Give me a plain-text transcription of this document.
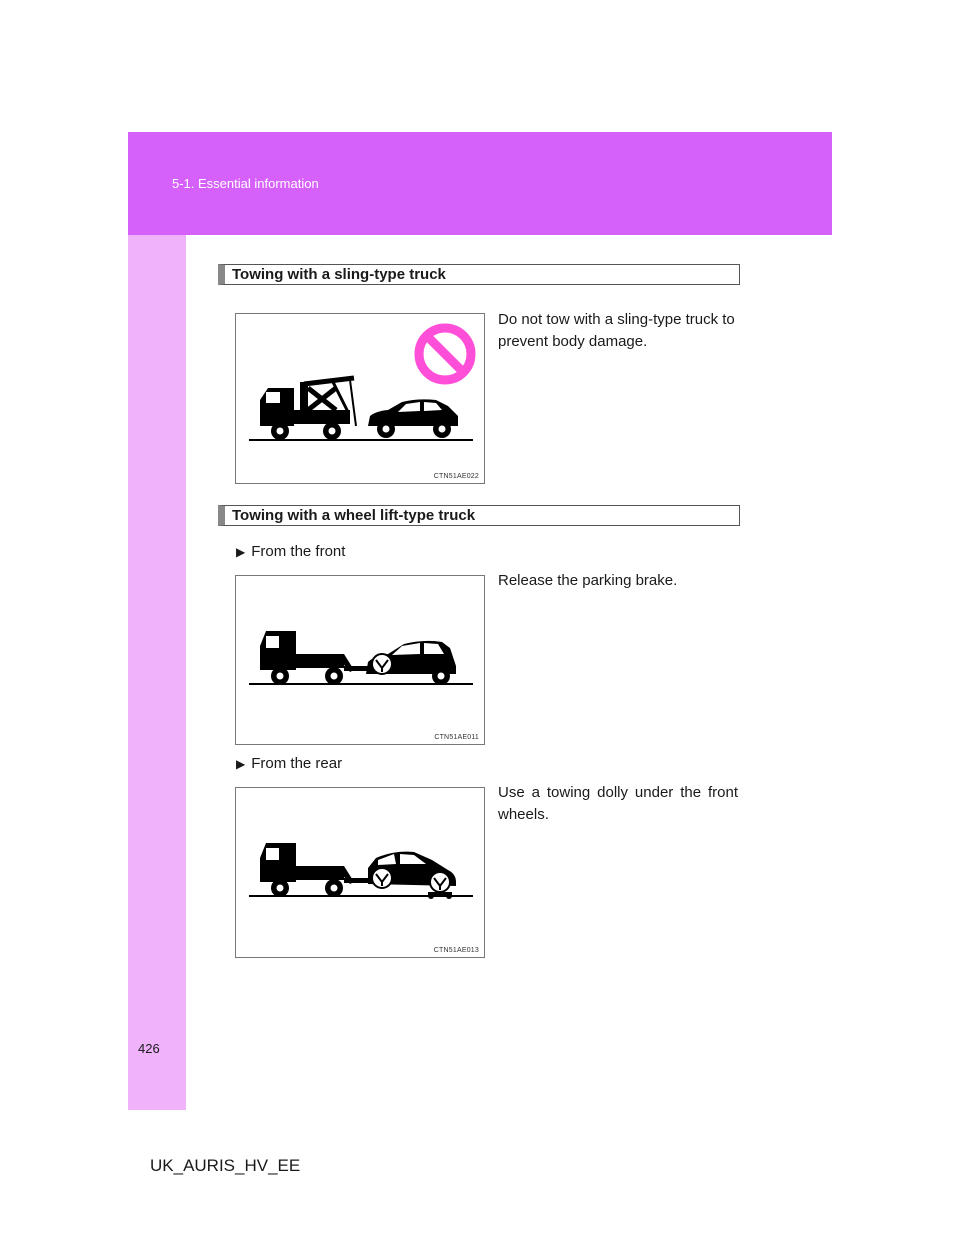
5-1. Essential information
426
UK_AURIS_HV_EE
Towing with a sling-type truck
CTN51AE022
Do not tow with a sling-type truck to prevent body damage.
Towing with a wheel lift-type truck
▶ From the front
CTN51AE011
Release the parking brake.
▶ From the rear
CTN51AE013
Use a towing dolly under the front wheels.
